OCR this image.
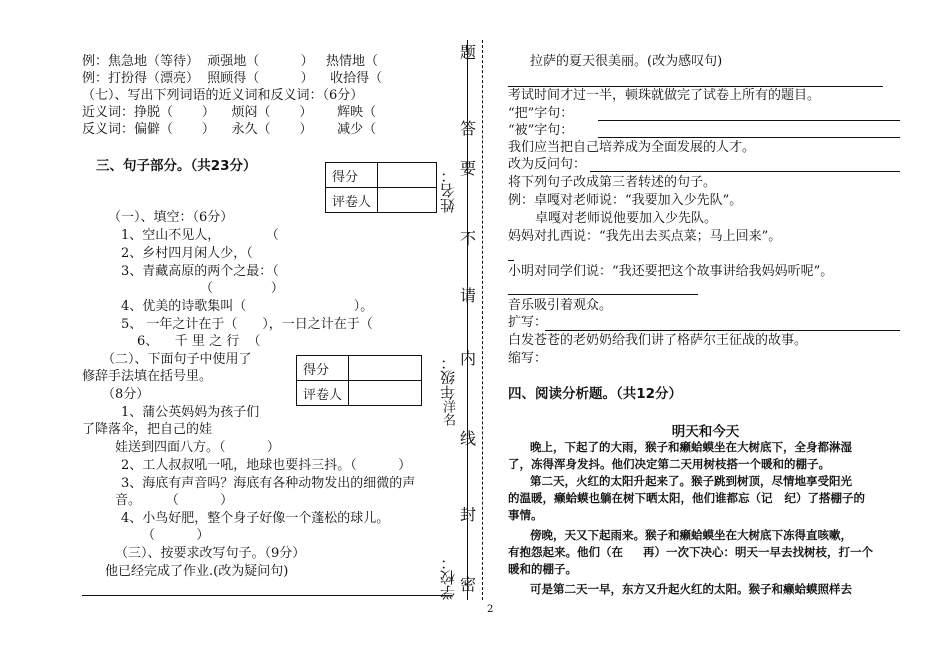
例：焦急地（等待）  顽强地（          ）   热情地（
例：打扮得（漂亮）  照顾得（          ）    收拾得（
（七）、写出下列词语的近义词和反义词：（6分）
近义词：挣脱（       ）    烦闷（       ）      辉映（
反义词：偏僻（       ）    永久（       ）      减少（
三、句子部分。（共23分）
得分	
评卷人	
（一）、填空：（6分）
1、空山不见人，           （
2、乡村四月闲人少，（
3、青藏高原的两个之最：（
（              ）
4、优美的诗歌集叫（                          ）。
5、 一年之计在于（      ），一日之计在于（
6、    千 里 之 行  （
得分	
评卷人	
（二）、下面句子中使用了
修辞手法填在括号里。
（8分）
1、蒲公英妈妈为孩子们
了降落伞，把自己的娃
娃送到四面八方。（          ）
2、工人叔叔吼一吼，地球也要抖三抖。（          ）
3、海底有声音吗？海底有各种动物发出的细微的声
音。      （          ）
4、小鸟好肥，整个身子好像一个蓬松的球儿。
（          ）
（三）、按要求改写句子。（9分）
他已经完成了作业.(改为疑问句)
2
题
答
要
不
请
内
线
封
密
姓名：
年级：
洋名
学校：
拉萨的夏天很美丽。(改为感叹句)
考试时间才过一半，顿珠就做完了试卷上所有的题目。
“把”字句：
“被”字句：
我们应当把自己培养成为全面发展的人才。
改为反问句：
将下列句子改成第三者转述的句子。
例：卓嘎对老师说：“我要加入少先队”。
卓嘎对老师说他要加入少先队。
妈妈对扎西说：“我先出去买点菜；马上回来”。
小明对同学们说：“我还要把这个故事讲给我妈妈听呢”。
音乐吸引着观众。
扩写：
白发苍苍的老奶奶给我们讲了格萨尔王征战的故事。
缩写：
四、阅读分析题。（共12分）
明天和今天
晚上，下起了的大雨，猴子和癞蛤蟆坐在大树底下，全身都淋湿
了，冻得浑身发抖。他们决定第二天用树枝搭一个暖和的棚子。
第二天，火红的太阳升起来了。猴子跳到树顶，尽情地享受阳光
的温暖，癞蛤蟆也躺在树下晒太阳，他们谁都忘（记   纪）了搭棚子的
事情。
傍晚，天又下起雨来。猴子和癞蛤蟆坐在大树底下冻得直咳嗽，
有抱怨起来。他们（在     再）一次下决心：明天一早去找树枝，打一个
暖和的棚子。
可是第二天一早，东方又升起火红的太阳。猴子和癞蛤蟆照样去
